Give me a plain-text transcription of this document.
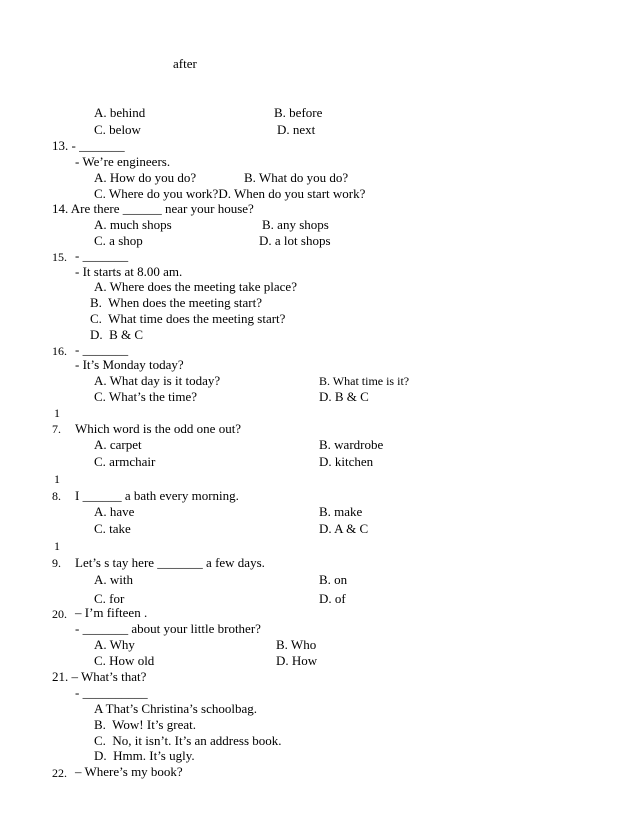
after
A. behind	B. before
C. below	D. next
13. - _______
- We’re engineers.
A. How do you do?	B. What do you do?
C. Where do you work?D. When do you start work?
14. Are there ______ near your house?
A. much shops	B. any shops
C. a shop	D. a lot shops
15. - _______
- It starts at 8.00 am.
A. Where does the meeting take place?
B.  When does the meeting start?
C.  What time does the meeting start?
D.  B & C
16. - _______
- It’s Monday today?
A. What day is it today?	B. What time is it?
C. What’s the time?	D. B & C
1
7. Which word is the odd one out?
A. carpet	B. wardrobe
C. armchair	D. kitchen
1
8. I ______ a bath every morning.
A. have	B. make
C. take	D. A & C
1
9. Let’s s tay here _______ a few days.
A. with	B. on
C. for	D. of
20. – I’m fifteen .
- _______ about your little brother?
A. Why	B. Who
C. How old	D. How
21. – What’s that?
- __________
A That’s Christina’s schoolbag.
B.  Wow! It’s great.
C.  No, it isn’t. It’s an address book.
D.  Hmm. It’s ugly.
22. – Where’s my book?
